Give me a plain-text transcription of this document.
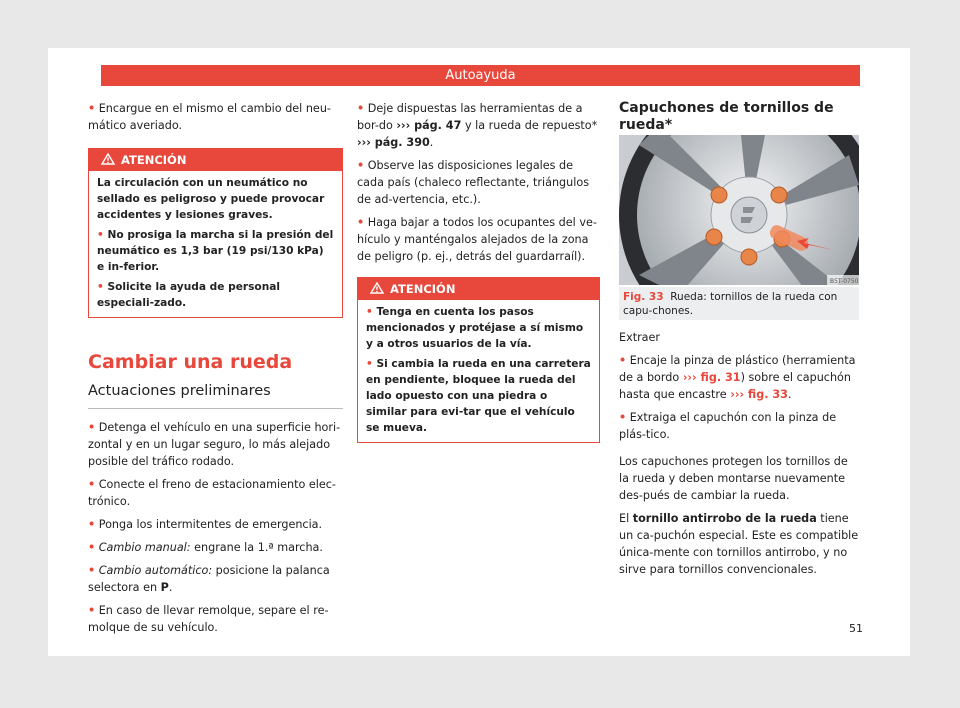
Autoayuda

• Encargue en el mismo el cambio del neu-mático averiado.

ATENCIÓN

La circulación con un neumático no sellado es peligroso y puede provocar accidentes y lesiones graves.

• No prosiga la marcha si la presión del neumático es 1,3 bar (19 psi/130 kPa) e in-ferior.

• Solicite la ayuda de personal especiali-zado.

Cambiar una rueda
Actuaciones preliminares

• Detenga el vehículo en una superficie hori-zontal y en un lugar seguro, lo más alejado posible del tráfico rodado.

• Conecte el freno de estacionamiento elec-trónico.

• Ponga los intermitentes de emergencia.

• Cambio manual: engrane la 1.ª marcha.

• Cambio automático: posicione la palanca selectora en P.

• En caso de llevar remolque, separe el re-molque de su vehículo.

• Deje dispuestas las herramientas de a bor-do ››› pág. 47 y la rueda de repuesto* ››› pág. 390.

• Observe las disposiciones legales de cada país (chaleco reflectante, triángulos de ad-vertencia, etc.).

• Haga bajar a todos los ocupantes del ve-hículo y manténgalos alejados de la zona de peligro (p. ej., detrás del guardarraíl).

ATENCIÓN

• Tenga en cuenta los pasos mencionados y protéjase a sí mismo y a otros usuarios de la vía.

• Si cambia la rueda en una carretera en pendiente, bloquee la rueda del lado opuesto con una piedra o similar para evi-tar que el vehículo se mueva.

Capuchones de tornillos de rueda*
B5T-0750
Fig. 33 Rueda: tornillos de la rueda con capu-chones.

Extraer

• Encaje la pinza de plástico (herramienta de a bordo ››› fig. 31) sobre el capuchón hasta que encastre ››› fig. 33.

• Extraiga el capuchón con la pinza de plás-tico.

Los capuchones protegen los tornillos de la rueda y deben montarse nuevamente des-pués de cambiar la rueda.

El tornillo antirrobo de la rueda tiene un ca-puchón especial. Este es compatible única-mente con tornillos antirrobo, y no sirve para tornillos convencionales.

51
